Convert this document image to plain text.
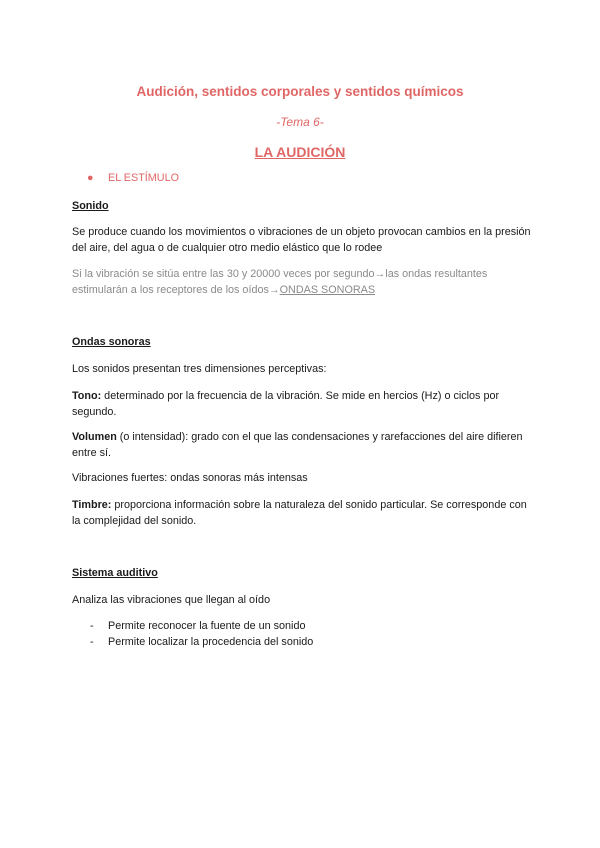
Audición, sentidos corporales y sentidos químicos
-Tema 6-
LA AUDICIÓN
● EL ESTÍMULO
Sonido
Se produce cuando los movimientos o vibraciones de un objeto provocan cambios en la presión del aire, del agua o de cualquier otro medio elástico que lo rodee
Si la vibración se sitúa entre las 30 y 20000 veces por segundo→las ondas resultantes estimularán a los receptores de los oídos→ONDAS SONORAS
Ondas sonoras
Los sonidos presentan tres dimensiones perceptivas:
Tono: determinado por la frecuencia de la vibración. Se mide en hercios (Hz) o ciclos por segundo.
Volumen (o intensidad): grado con el que las condensaciones y rarefacciones del aire difieren entre sí.
Vibraciones fuertes: ondas sonoras más intensas
Timbre: proporciona información sobre la naturaleza del sonido particular. Se corresponde con la complejidad del sonido.
Sistema auditivo
Analiza las vibraciones que llegan al oído
- Permite reconocer la fuente de un sonido
- Permite localizar la procedencia del sonido
